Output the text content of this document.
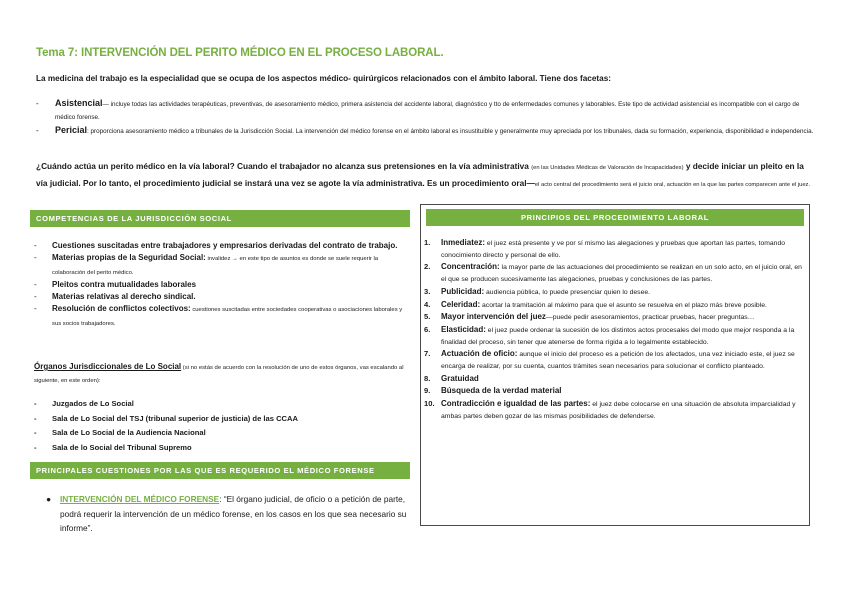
Tema 7: INTERVENCIÓN DEL PERITO MÉDICO EN EL PROCESO LABORAL.
La medicina del trabajo es la especialidad que se ocupa de los aspectos médico- quirúrgicos relacionados con el ámbito laboral. Tiene dos facetas:
- Asistencial— incluye todas las actividades terapéuticas, preventivas, de asesoramiento médico, primera asistencia del accidente laboral, diagnóstico y tto de enfermedades comunes y laborables. Este tipo de actividad asistencial es incompatible con el cargo de médico forense.
- Pericial: proporciona asesoramiento médico a tribunales de la Jurisdicción Social. La intervención del médico forense en el ámbito laboral es insustituible y generalmente muy apreciada por los tribunales, dada su formación, experiencia, disponibilidad e independencia.
¿Cuándo actúa un perito médico en la vía laboral? Cuando el trabajador no alcanza sus pretensiones en la vía administrativa (en las Unidades Médicas de Valoración de Incapacidades) y decide iniciar un pleito en la vía judicial. Por lo tanto, el procedimiento judicial se instará una vez se agote la vía administrativa. Es un procedimiento oral—el acto central del procedimiento será el juicio oral, actuación en la que las partes comparecen ante el juez.
COMPETENCIAS DE LA JURISDICCIÓN SOCIAL
- Cuestiones suscitadas entre trabajadores y empresarios derivadas del contrato de trabajo.
- Materias propias de la Seguridad Social: invalidez → en este tipo de asuntos es donde se suele requerir la colaboración del perito médico.
- Pleitos contra mutualidades laborales
- Materias relativas al derecho sindical.
- Resolución de conflictos colectivos: cuestiones suscitadas entre sociedades cooperativas o asociaciones laborales y sus socios trabajadores.
Órganos Jurisdiccionales de Lo Social (si no estás de acuerdo con la resolución de uno de estos órganos, vas escalando al siguiente, en este orden):
- Juzgados de Lo Social
- Sala de Lo Social del TSJ (tribunal superior de justicia) de las CCAA
- Sala de Lo Social de la Audiencia Nacional
- Sala de lo Social del Tribunal Supremo
PRINCIPALES CUESTIONES POR LAS QUE ES REQUERIDO EL MÉDICO FORENSE
● INTERVENCIÓN DEL MÉDICO FORENSE: “El órgano judicial, de oficio o a petición de parte, podrá requerir la intervención de un médico forense, en los casos en los que sea necesario su informe”.
PRINCIPIOS DEL PROCEDIMIENTO LABORAL
1. Inmediatez: el juez está presente y ve por sí mismo las alegaciones y pruebas que aportan las partes, tomando conocimiento directo y personal de ello.
2. Concentración: la mayor parte de las actuaciones del procedimiento se realizan en un solo acto, en el juicio oral, en el que se producen sucesivamente las alegaciones, pruebas y conclusiones de las partes.
3. Publicidad: audiencia pública, lo puede presenciar quien lo desee.
4. Celeridad: acortar la tramitación al máximo para que el asunto se resuelva en el plazo más breve posible.
5. Mayor intervención del juez—puede pedir asesoramientos, practicar pruebas, hacer preguntas…
6. Elasticidad: el juez puede ordenar la sucesión de los distintos actos procesales del modo que mejor responda a la finalidad del proceso, sin tener que atenerse de forma rígida a lo legalmente establecido.
7. Actuación de oficio: aunque el inicio del proceso es a petición de los afectados, una vez iniciado este, el juez se encarga de realizar, por su cuenta, cuantos trámites sean necesarios para solucionar el conflicto planteado.
8. Gratuidad
9. Búsqueda de la verdad material
10. Contradicción e igualdad de las partes: el juez debe colocarse en una situación de absoluta imparcialidad y ambas partes deben gozar de las mismas posibilidades de defenderse.
